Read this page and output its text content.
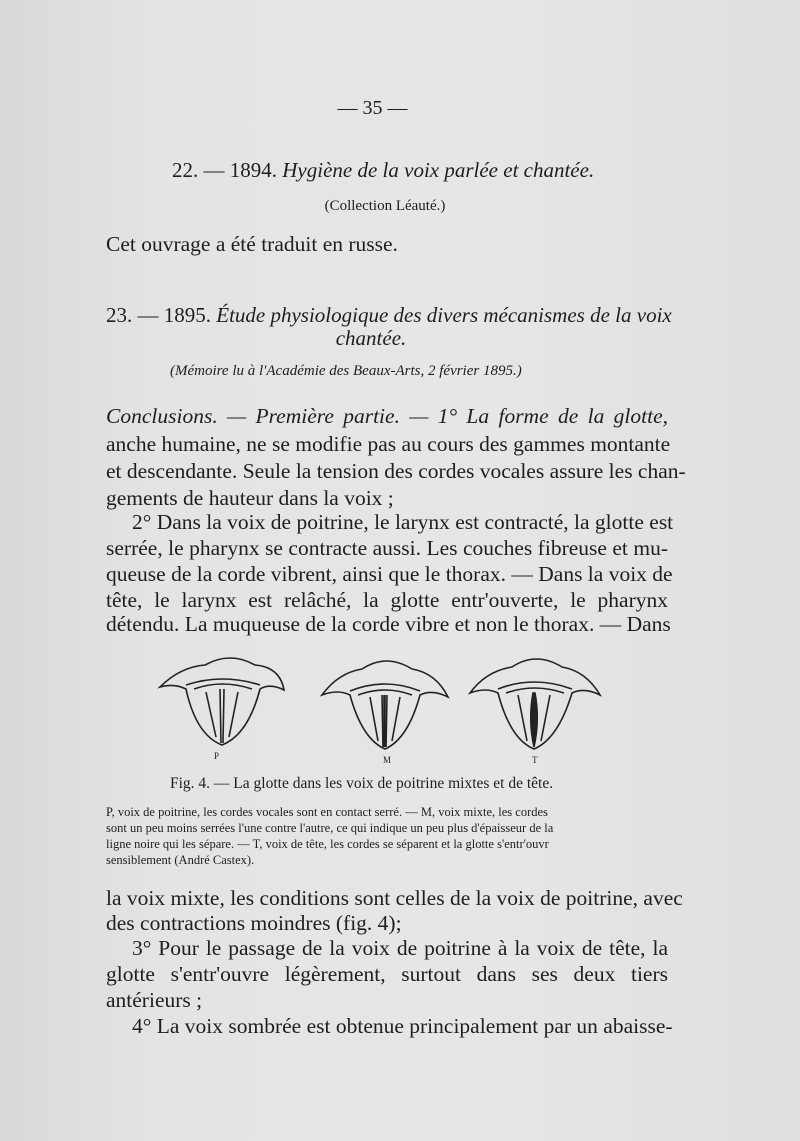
— 35 —
22. — 1894. Hygiène de la voix parlée et chantée.
(Collection Léauté.)
Cet ouvrage a été traduit en russe.
23. — 1895. Étude physiologique des divers mécanismes de la voix
chantée.
(Mémoire lu à l'Académie des Beaux-Arts, 2 février 1895.)
Conclusions. — Première partie. — 1° La forme de la glotte,
anche humaine, ne se modifie pas au cours des gammes montante
et descendante. Seule la tension des cordes vocales assure les chan-
gements de hauteur dans la voix ;
2° Dans la voix de poitrine, le larynx est contracté, la glotte est
serrée, le pharynx se contracte aussi. Les couches fibreuse et mu-
queuse de la corde vibrent, ainsi que le thorax. — Dans la voix de
tête, le larynx est relâché, la glotte entr'ouverte, le pharynx
détendu. La muqueuse de la corde vibre et non le thorax. — Dans
P	M	T
Fig. 4. — La glotte dans les voix de poitrine mixtes et de tête.
P, voix de poitrine, les cordes vocales sont en contact serré. — M, voix mixte, les cordes
sont un peu moins serrées l'une contre l'autre, ce qui indique un peu plus d'épaisseur de la
ligne noire qui les sépare. — T, voix de tête, les cordes se séparent et la glotte s'entr'ouvr
sensiblement (André Castex).
la voix mixte, les conditions sont celles de la voix de poitrine, avec
des contractions moindres (fig. 4);
3° Pour le passage de la voix de poitrine à la voix de tête, la
glotte s'entr'ouvre légèrement, surtout dans ses deux tiers
antérieurs ;
4° La voix sombrée est obtenue principalement par un abaisse-
